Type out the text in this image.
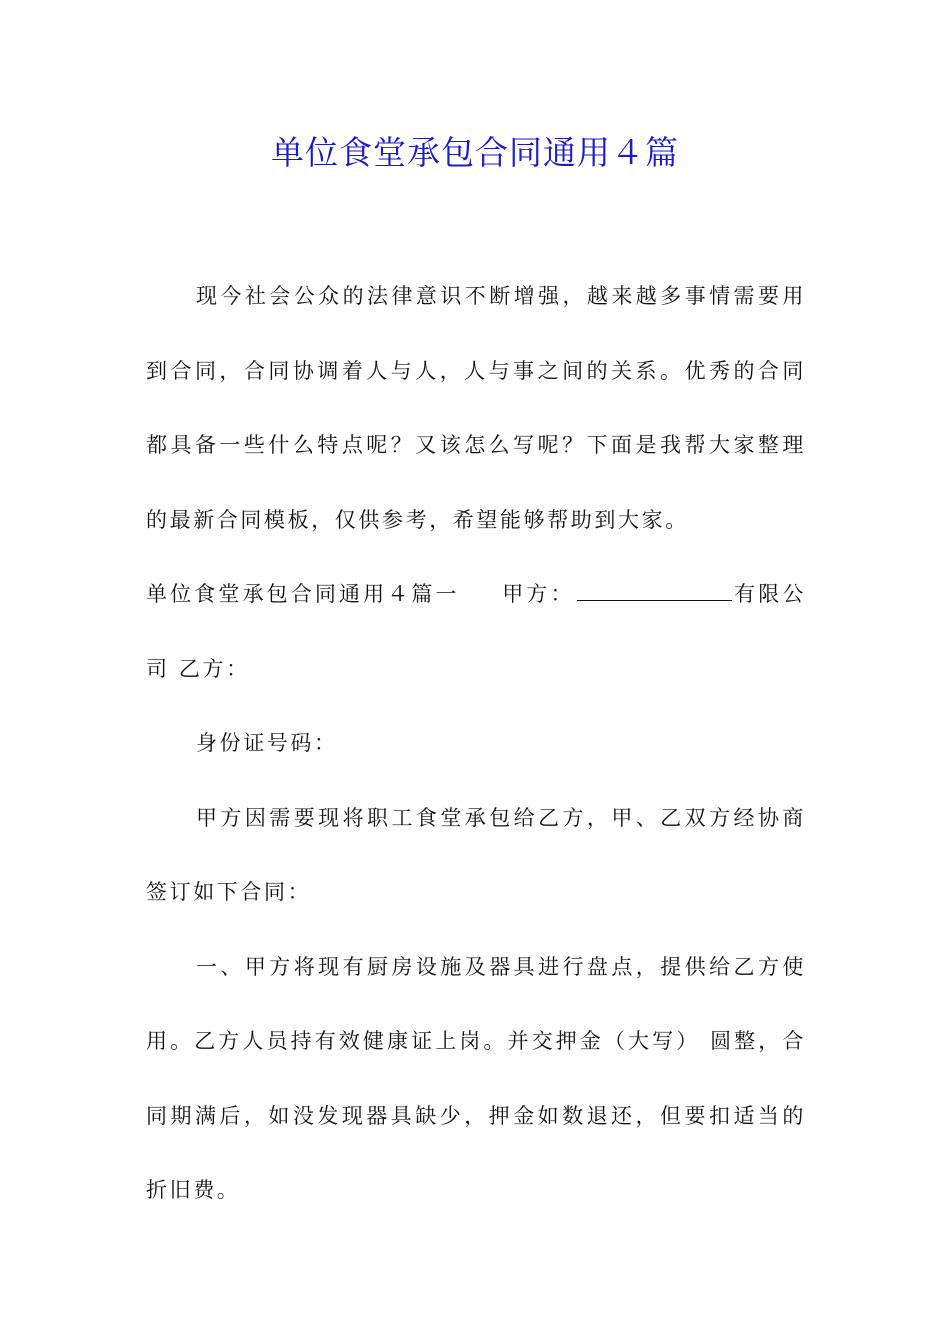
单位食堂承包合同通用４篇

现今社会公众的法律意识不断增强，越来越多事情需要用到合同，合同协调着人与人，人与事之间的关系。优秀的合同都具备一些什么特点呢？又该怎么写呢？下面是我帮大家整理的最新合同模板，仅供参考，希望能够帮助到大家。

单位食堂承包合同通用４篇一 甲方：	有限公司 乙方：

身份证号码：

甲方因需要现将职工食堂承包给乙方，甲、乙双方经协商签订如下合同：

一、甲方将现有厨房设施及器具进行盘点，提供给乙方使用。乙方人员持有效健康证上岗。并交押金（大写） 圆整，合同期满后，如没发现器具缺少，押金如数退还，但要扣适当的折旧费。
